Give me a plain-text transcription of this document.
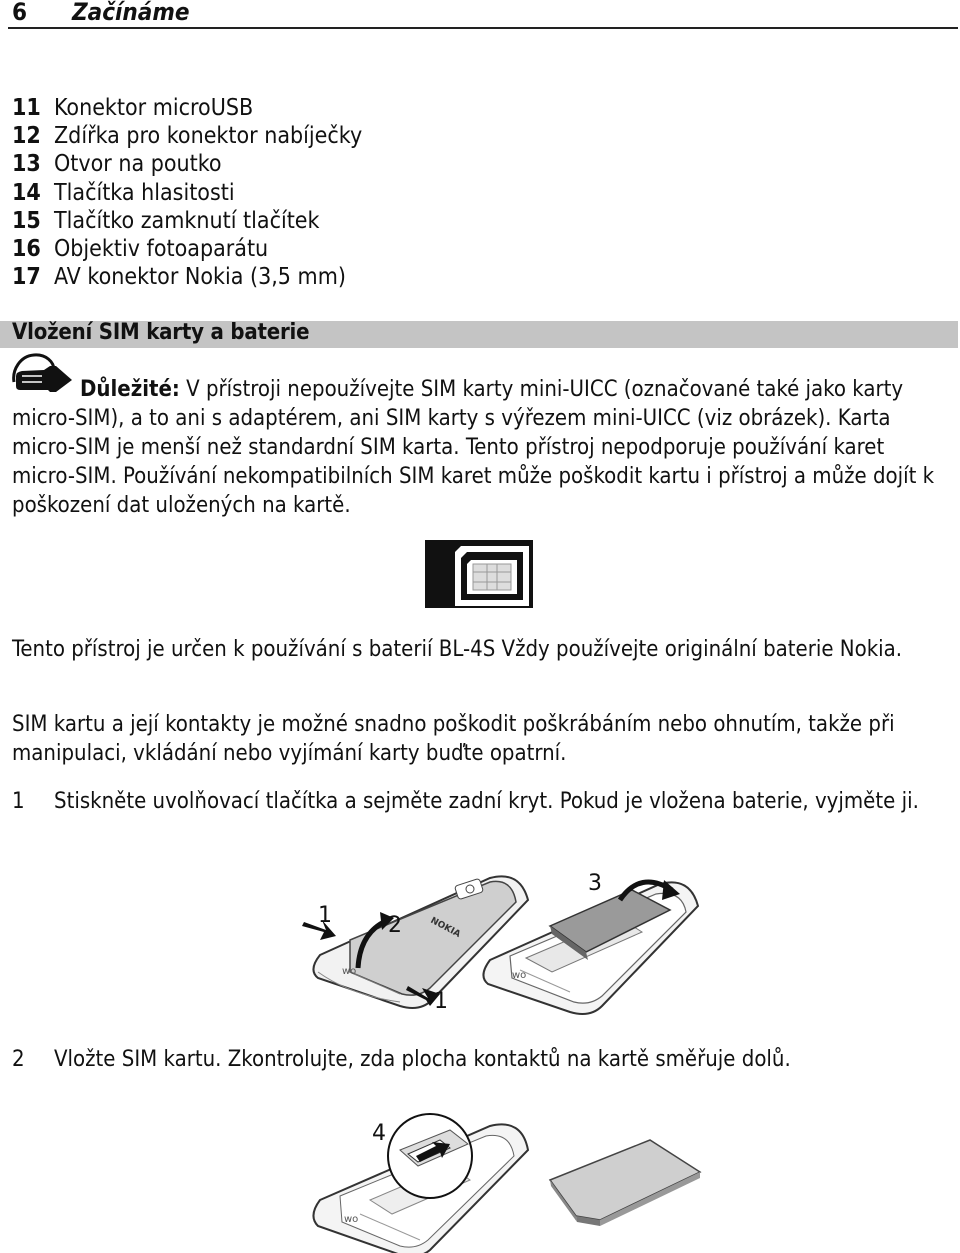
6 Začínáme
11 Konektor microUSB
12 Zdířka pro konektor nabíječky
13 Otvor na poutko
14 Tlačítka hlasitosti
15 Tlačítko zamknutí tlačítek
16 Objektiv fotoaparátu
17 AV konektor Nokia (3,5 mm)
Vložení SIM karty a baterie
Důležité: V přístroji nepoužívejte SIM karty mini-UICC (označované také jako karty micro-SIM), a to ani s adaptérem, ani SIM karty s výřezem mini-UICC (viz obrázek). Karta micro-SIM je menší než standardní SIM karta. Tento přístroj nepodporuje používání karet micro-SIM. Používání nekompatibilních SIM karet může poškodit kartu i přístroj a může dojít k poškození dat uložených na kartě.
Tento přístroj je určen k používání s baterií BL-4S Vždy používejte originální baterie Nokia.
SIM kartu a její kontakty je možné snadno poškodit poškrábáním nebo ohnutím, takže při manipulaci, vkládání nebo vyjímání karty buďte opatrní.
1 Stiskněte uvolňovací tlačítka a sejměte zadní kryt. Pokud je vložena baterie, vyjměte ji.
NOKIA
wo
1	2
1
wo
3
2 Vložte SIM kartu. Zkontrolujte, zda plocha kontaktů na kartě směřuje dolů.
wo
4
